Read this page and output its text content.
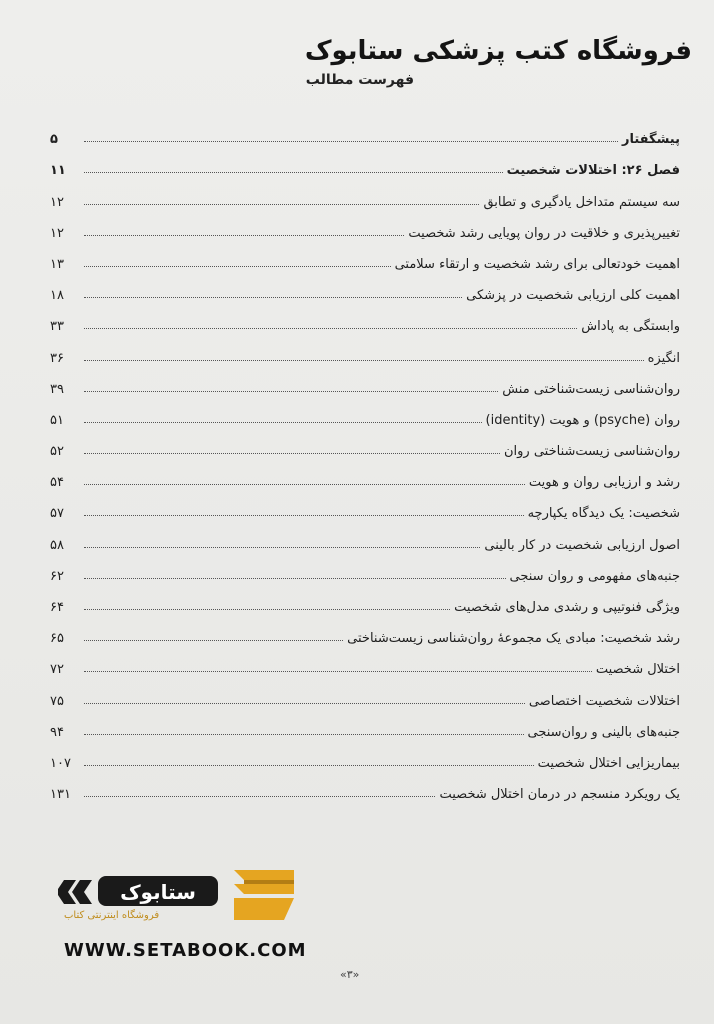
فروشگاه کتب پزشکی ستابوک
فهرست مطالب
پیشگفتار
۵
فصل ۲۶: اختلالات شخصیت
۱۱
سه سیستم متداخل یادگیری و تطابق
۱۲
تغییرپذیری و خلاقیت در روان پویایی رشد شخصیت
۱۲
اهمیت خودتعالی برای رشد شخصیت و ارتقاء سلامتی
۱۳
اهمیت کلی ارزیابی شخصیت در پزشکی
۱۸
وابستگی به پاداش
۳۳
انگیزه
۳۶
روان‌شناسی زیست‌شناختی منش
۳۹
روان (psyche) و هویت (identity)
۵۱
روان‌شناسی زیست‌شناختی روان
۵۲
رشد و ارزیابی روان و هویت
۵۴
شخصیت: یک دیدگاه یکپارچه
۵۷
اصول ارزیابی شخصیت در کار بالینی
۵۸
جنبه‌های مفهومی و روان سنجی
۶۲
ویژگی فنوتیپی و رشدی مدل‌های شخصیت
۶۴
رشد شخصیت: مبادی یک مجموعهٔ روان‌شناسی زیست‌شناختی
۶۵
اختلال شخصیت
۷۲
اختلالات شخصیت اختصاصی
۷۵
جنبه‌های بالینی و روان‌سنجی
۹۴
بیماریزایی اختلال شخصیت
۱۰۷
یک رویکرد منسجم در درمان اختلال شخصیت
۱۳۱
ستابوک
فروشگاه اینترنتی کتاب
WWW.SETABOOK.COM
«۳»
